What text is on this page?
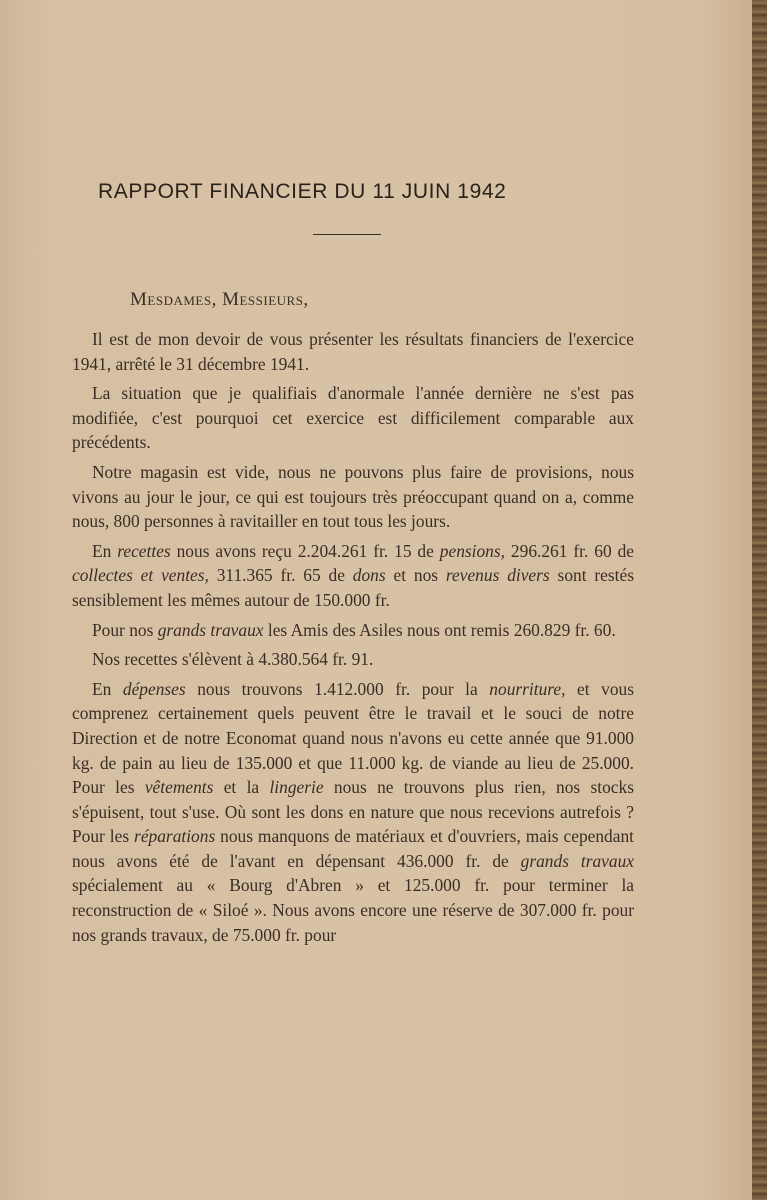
RAPPORT FINANCIER DU 11 JUIN 1942
Mesdames, Messieurs,

Il est de mon devoir de vous présenter les résultats financiers de l'exercice 1941, arrêté le 31 décembre 1941.

La situation que je qualifiais d'anormale l'année dernière ne s'est pas modifiée, c'est pourquoi cet exercice est difficilement comparable aux précédents.

Notre magasin est vide, nous ne pouvons plus faire de provisions, nous vivons au jour le jour, ce qui est toujours très préoccupant quand on a, comme nous, 800 personnes à ravitailler en tout tous les jours.

En recettes nous avons reçu 2.204.261 fr. 15 de pensions, 296.261 fr. 60 de collectes et ventes, 311.365 fr. 65 de dons et nos revenus divers sont restés sensiblement les mêmes autour de 150.000 fr.

Pour nos grands travaux les Amis des Asiles nous ont remis 260.829 fr. 60.

Nos recettes s'élèvent à 4.380.564 fr. 91.

En dépenses nous trouvons 1.412.000 fr. pour la nourriture, et vous comprenez certainement quels peuvent être le travail et le souci de notre Direction et de notre Economat quand nous n'avons eu cette année que 91.000 kg. de pain au lieu de 135.000 et que 11.000 kg. de viande au lieu de 25.000. Pour les vêtements et la lingerie nous ne trouvons plus rien, nos stocks s'épuisent, tout s'use. Où sont les dons en nature que nous recevions autrefois ? Pour les réparations nous manquons de matériaux et d'ouvriers, mais cependant nous avons été de l'avant en dépensant 436.000 fr. de grands travaux spécialement au « Bourg d'Abren » et 125.000 fr. pour terminer la reconstruction de « Siloé ». Nous avons encore une réserve de 307.000 fr. pour nos grands travaux, de 75.000 fr. pour
